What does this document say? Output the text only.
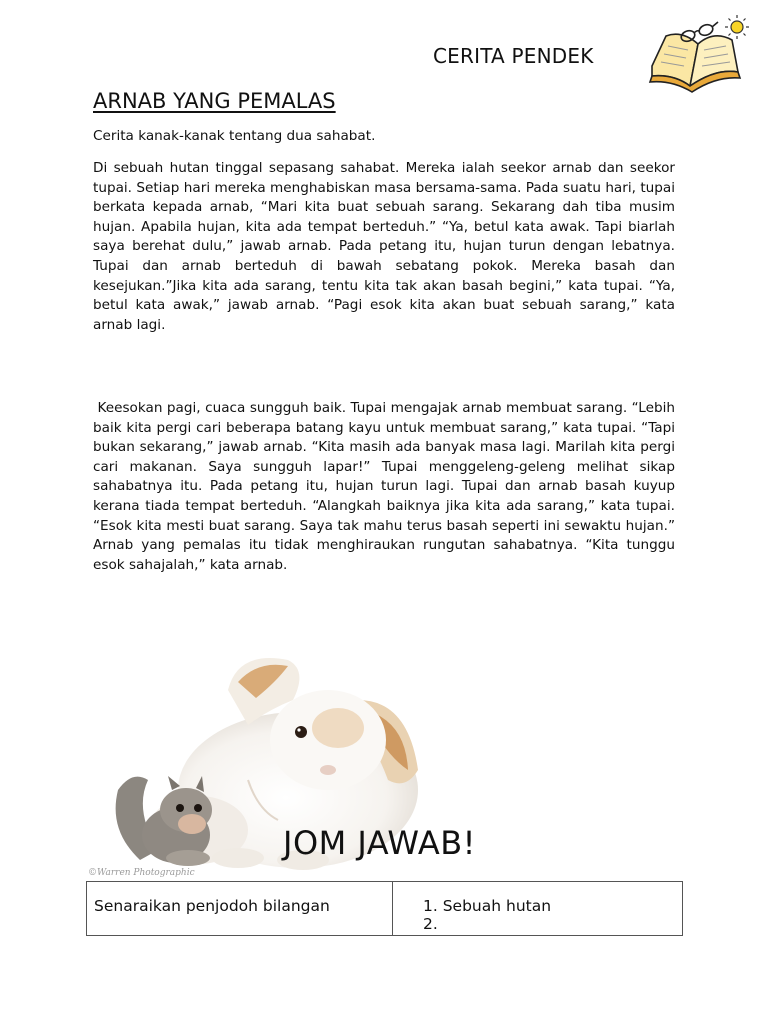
CERITA PENDEK
ARNAB YANG PEMALAS
Cerita kanak-kanak tentang dua sahabat.

Di sebuah hutan tinggal sepasang sahabat. Mereka ialah seekor arnab dan seekor tupai. Setiap hari mereka menghabiskan masa bersama-sama. Pada suatu hari, tupai berkata kepada arnab, “Mari kita buat sebuah sarang. Sekarang dah tiba musim hujan. Apabila hujan, kita ada tempat berteduh.” “Ya, betul kata awak. Tapi biarlah saya berehat dulu,” jawab arnab. Pada petang itu, hujan turun dengan lebatnya. Tupai dan arnab berteduh di bawah sebatang pokok. Mereka basah dan kesejukan.”Jika kita ada sarang, tentu kita tak akan basah begini,” kata tupai. “Ya, betul kata awak,” jawab arnab. “Pagi esok kita akan buat sebuah sarang,” kata arnab lagi.

Keesokan pagi, cuaca sungguh baik. Tupai mengajak arnab membuat sarang. “Lebih baik kita pergi cari beberapa batang kayu untuk membuat sarang,” kata tupai. “Tapi bukan sekarang,” jawab arnab. “Kita masih ada banyak masa lagi. Marilah kita pergi cari makanan. Saya sungguh lapar!” Tupai menggeleng-geleng melihat sikap sahabatnya itu. Pada petang itu, hujan turun lagi. Tupai dan arnab basah kuyup kerana tiada tempat berteduh. “Alangkah baiknya jika kita ada sarang,” kata tupai. “Esok kita mesti buat sarang. Saya tak mahu terus basah seperti ini sewaktu hujan.” Arnab yang pemalas itu tidak menghiraukan rungutan sahabatnya. “Kita tunggu esok sahajalah,” kata arnab.

©Warren Photographic
JOM JAWAB!
Senaraikan penjodoh bilangan	1. Sebuah hutan
2.
